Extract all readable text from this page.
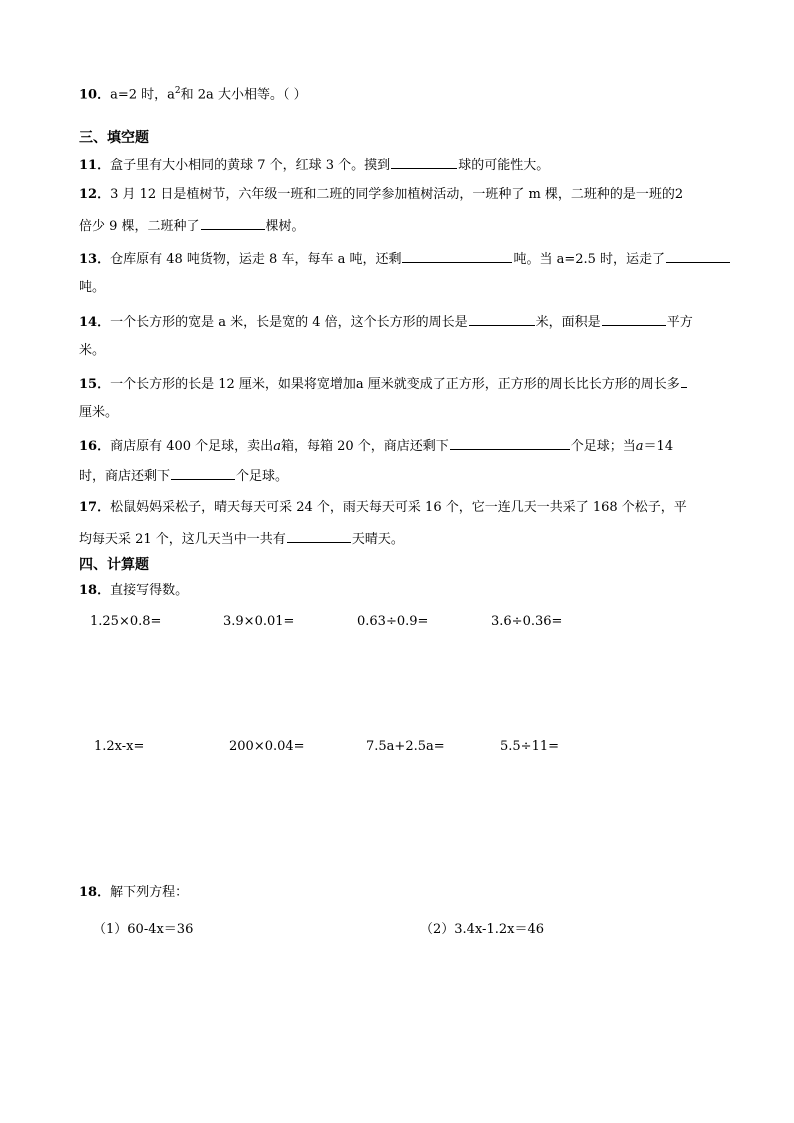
10．a=2 时，$a^2$和 2a 大小相等。（ ）
三、填空题
11．盒子里有大小相同的黄球 7 个，红球 3 个。摸到	球的可能性大。
12．3 月 12 日是植树节，六年级一班和二班的同学参加植树活动，一班种了 m 棵，二班种的是一班的2
倍少 9 棵，二班种了	棵树。
13．仓库原有 48 吨货物，运走 8 车，每车 a 吨，还剩	吨。当 a=2.5 时，运走了
吨。
14．一个长方形的宽是 a 米，长是宽的 4 倍，这个长方形的周长是	米，面积是	平方
米。
15．一个长方形的长是 12 厘米，如果将宽增加a 厘米就变成了正方形，正方形的周长比长方形的周长多
厘米。
16．商店原有 400 个足球，卖出a箱，每箱 20 个，商店还剩下	个足球；当a＝14
时，商店还剩下	个足球。
17．松鼠妈妈采松子，晴天每天可采 24 个，雨天每天可采 16 个，它一连几天一共采了 168 个松子，平
均每天采 21 个，这几天当中一共有	天晴天。
四、计算题
18．直接写得数。
1.25×0.8=	3.9×0.01=	0.63÷0.9=	3.6÷0.36=
1.2x-x=	200×0.04=	7.5a+2.5a=	5.5÷11=
18．解下列方程：
（1）60-4x＝36	（2）3.4x-1.2x＝46
